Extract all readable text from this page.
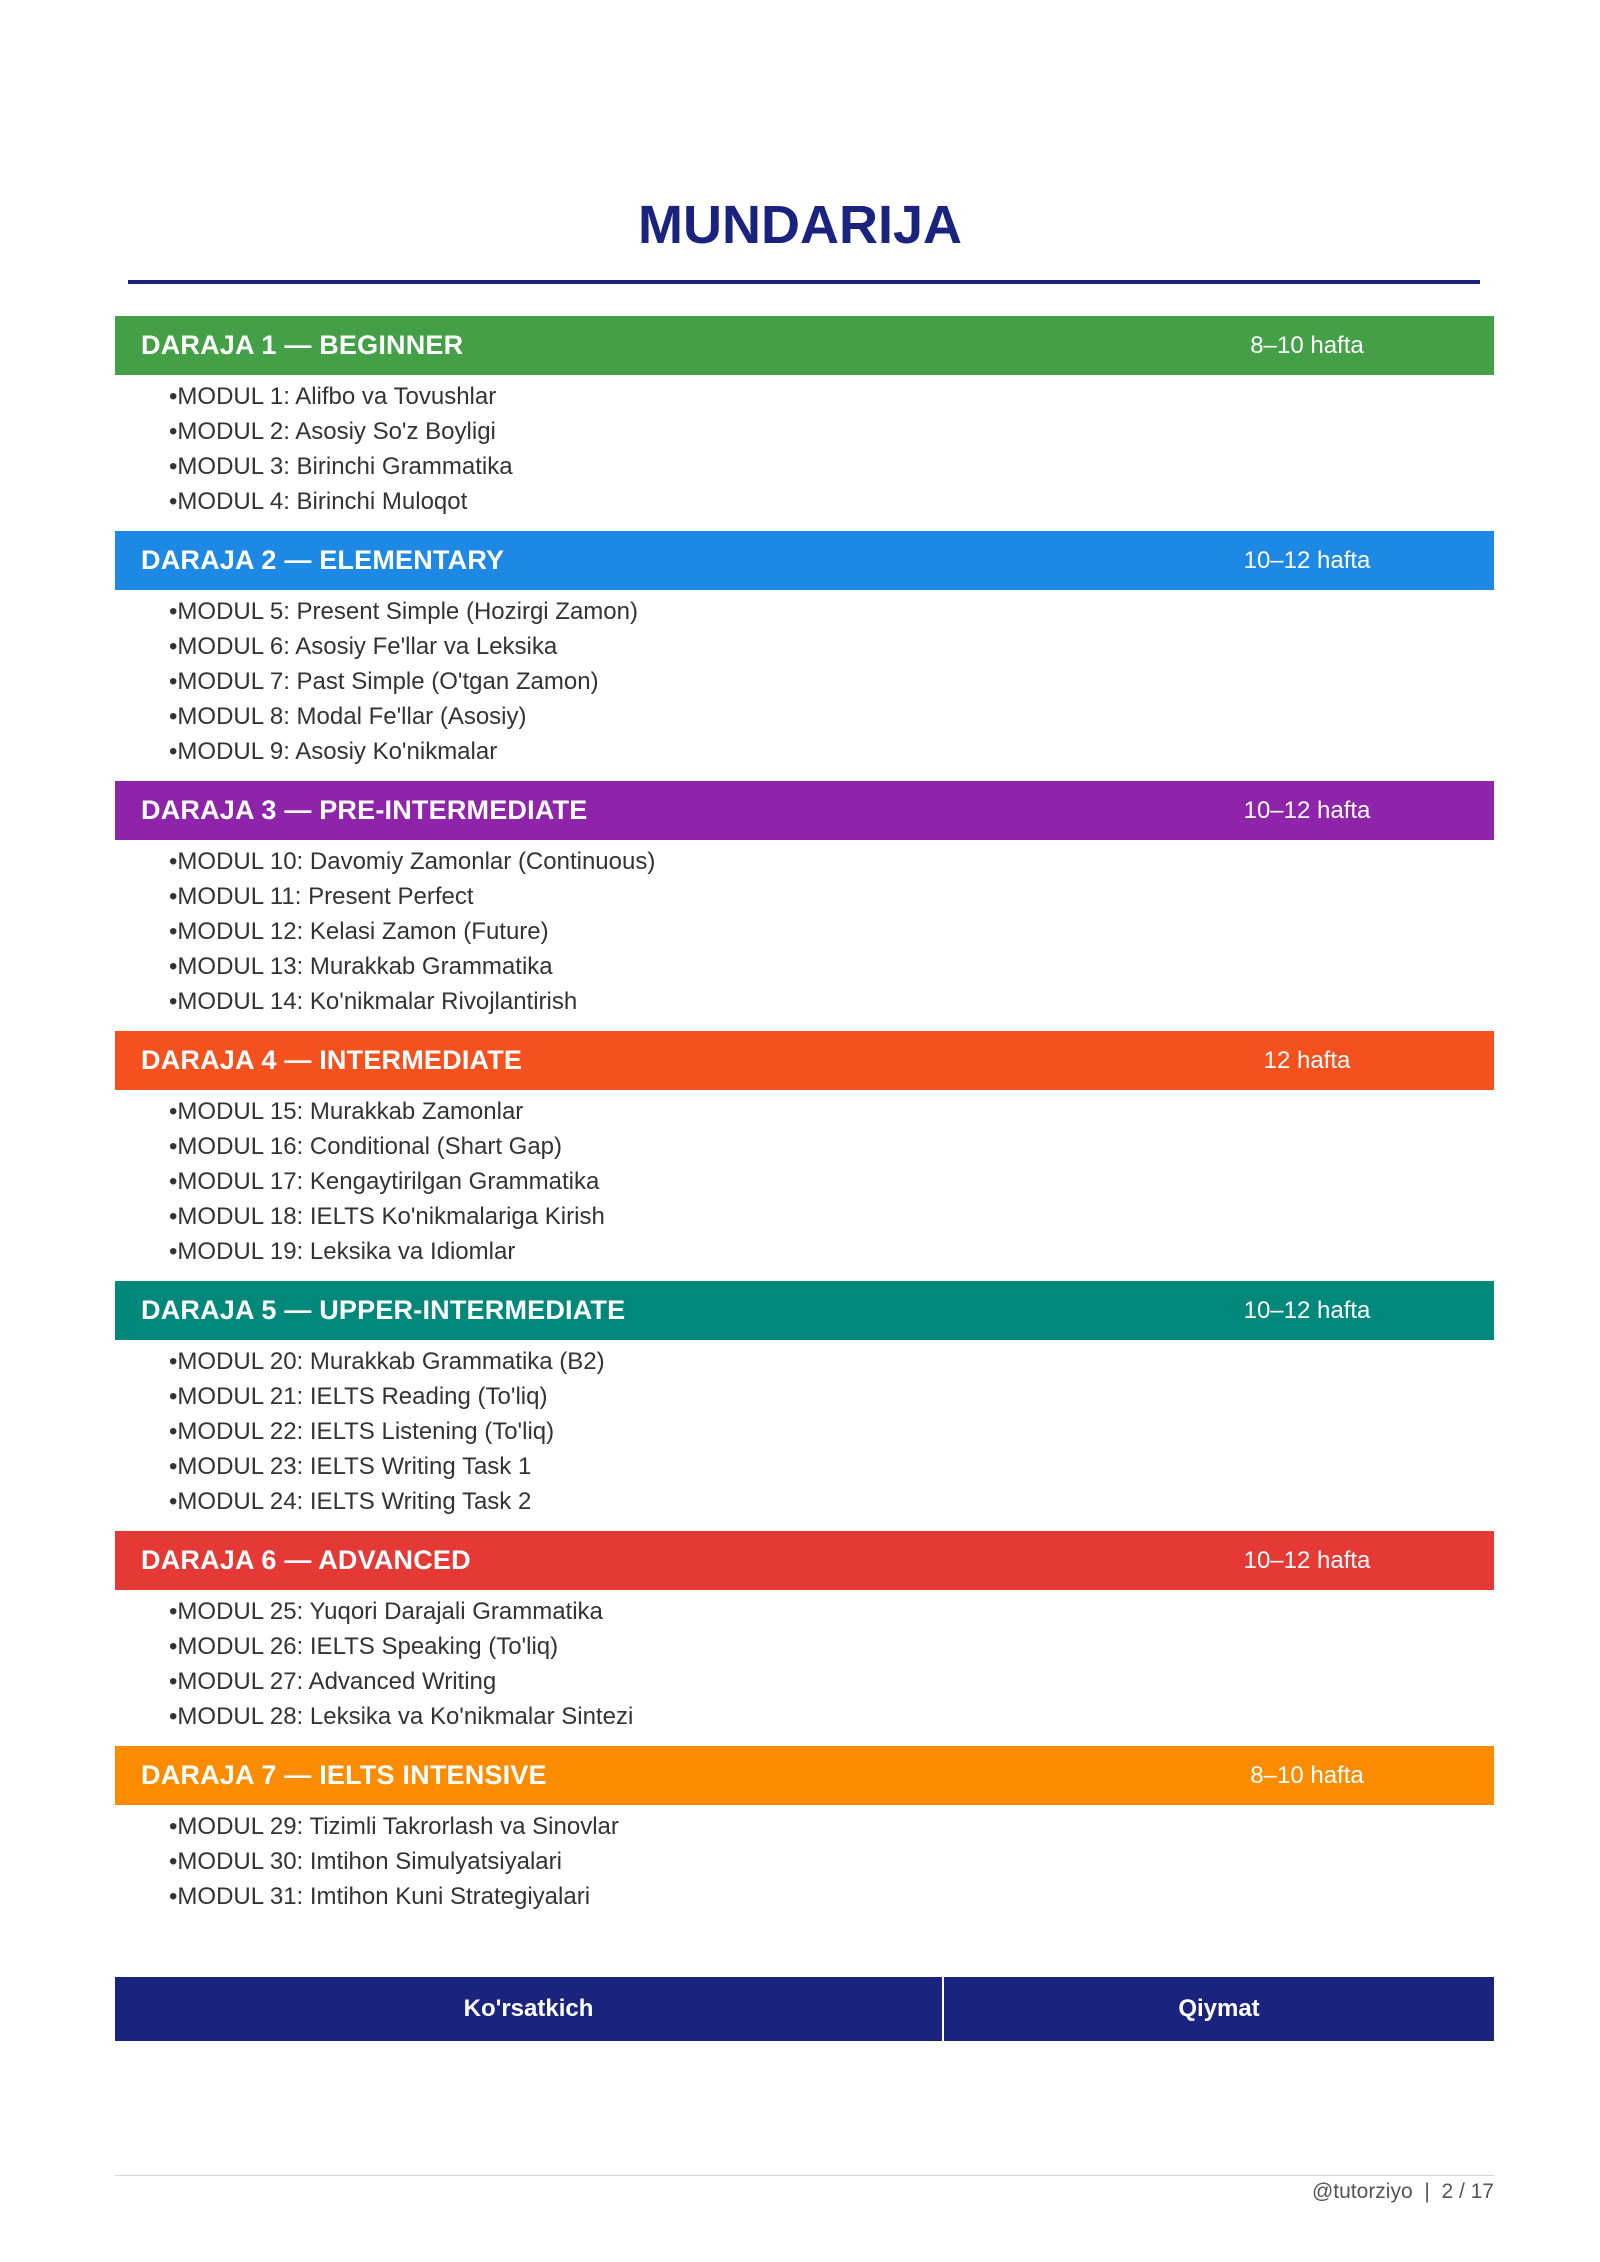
MUNDARIJA
DARAJA 1 — BEGINNER	8–10 hafta
• MODUL 1: Alifbo va Tovushlar
• MODUL 2: Asosiy So'z Boyligi
• MODUL 3: Birinchi Grammatika
• MODUL 4: Birinchi Muloqot
DARAJA 2 — ELEMENTARY	10–12 hafta
• MODUL 5: Present Simple (Hozirgi Zamon)
• MODUL 6: Asosiy Fe'llar va Leksika
• MODUL 7: Past Simple (O'tgan Zamon)
• MODUL 8: Modal Fe'llar (Asosiy)
• MODUL 9: Asosiy Ko'nikmalar
DARAJA 3 — PRE-INTERMEDIATE	10–12 hafta
• MODUL 10: Davomiy Zamonlar (Continuous)
• MODUL 11: Present Perfect
• MODUL 12: Kelasi Zamon (Future)
• MODUL 13: Murakkab Grammatika
• MODUL 14: Ko'nikmalar Rivojlantirish
DARAJA 4 — INTERMEDIATE	12 hafta
• MODUL 15: Murakkab Zamonlar
• MODUL 16: Conditional (Shart Gap)
• MODUL 17: Kengaytirilgan Grammatika
• MODUL 18: IELTS Ko'nikmalariga Kirish
• MODUL 19: Leksika va Idiomlar
DARAJA 5 — UPPER-INTERMEDIATE	10–12 hafta
• MODUL 20: Murakkab Grammatika (B2)
• MODUL 21: IELTS Reading (To'liq)
• MODUL 22: IELTS Listening (To'liq)
• MODUL 23: IELTS Writing Task 1
• MODUL 24: IELTS Writing Task 2
DARAJA 6 — ADVANCED	10–12 hafta
• MODUL 25: Yuqori Darajali Grammatika
• MODUL 26: IELTS Speaking (To'liq)
• MODUL 27: Advanced Writing
• MODUL 28: Leksika va Ko'nikmalar Sintezi
DARAJA 7 — IELTS INTENSIVE	8–10 hafta
• MODUL 29: Tizimli Takrorlash va Sinovlar
• MODUL 30: Imtihon Simulyatsiyalari
• MODUL 31: Imtihon Kuni Strategiyalari
Ko'rsatkich	Qiymat
@tutorziyo  |  2 / 17
